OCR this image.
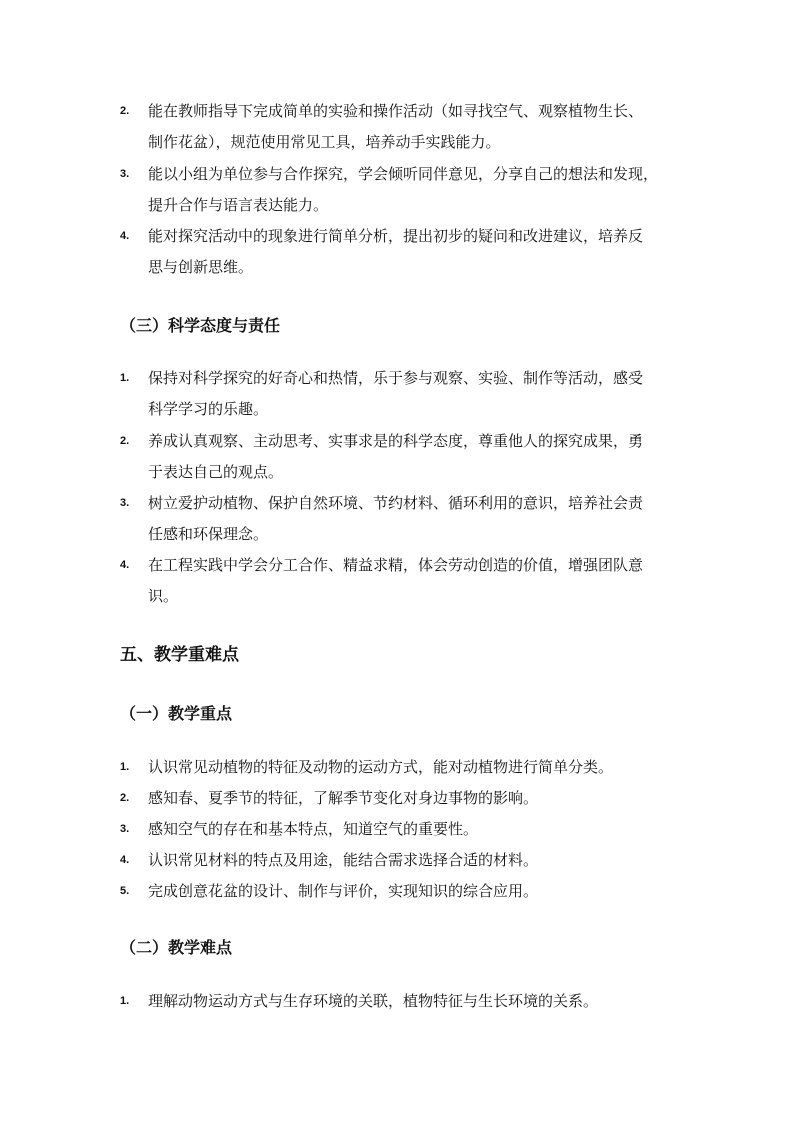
2. 能在教师指导下完成简单的实验和操作活动（如寻找空气、观察植物生长、
制作花盆），规范使用常见工具，培养动手实践能力。
3. 能以小组为单位参与合作探究，学会倾听同伴意见，分享自己的想法和发现，
提升合作与语言表达能力。
4. 能对探究活动中的现象进行简单分析，提出初步的疑问和改进建议，培养反
思与创新思维。
（三）科学态度与责任
1. 保持对科学探究的好奇心和热情，乐于参与观察、实验、制作等活动，感受
科学学习的乐趣。
2. 养成认真观察、主动思考、实事求是的科学态度，尊重他人的探究成果，勇
于表达自己的观点。
3. 树立爱护动植物、保护自然环境、节约材料、循环利用的意识，培养社会责
任感和环保理念。
4. 在工程实践中学会分工合作、精益求精，体会劳动创造的价值，增强团队意
识。
五、教学重难点
（一）教学重点
1. 认识常见动植物的特征及动物的运动方式，能对动植物进行简单分类。
2. 感知春、夏季节的特征，了解季节变化对身边事物的影响。
3. 感知空气的存在和基本特点，知道空气的重要性。
4. 认识常见材料的特点及用途，能结合需求选择合适的材料。
5. 完成创意花盆的设计、制作与评价，实现知识的综合应用。
（二）教学难点
1. 理解动物运动方式与生存环境的关联，植物特征与生长环境的关系。
